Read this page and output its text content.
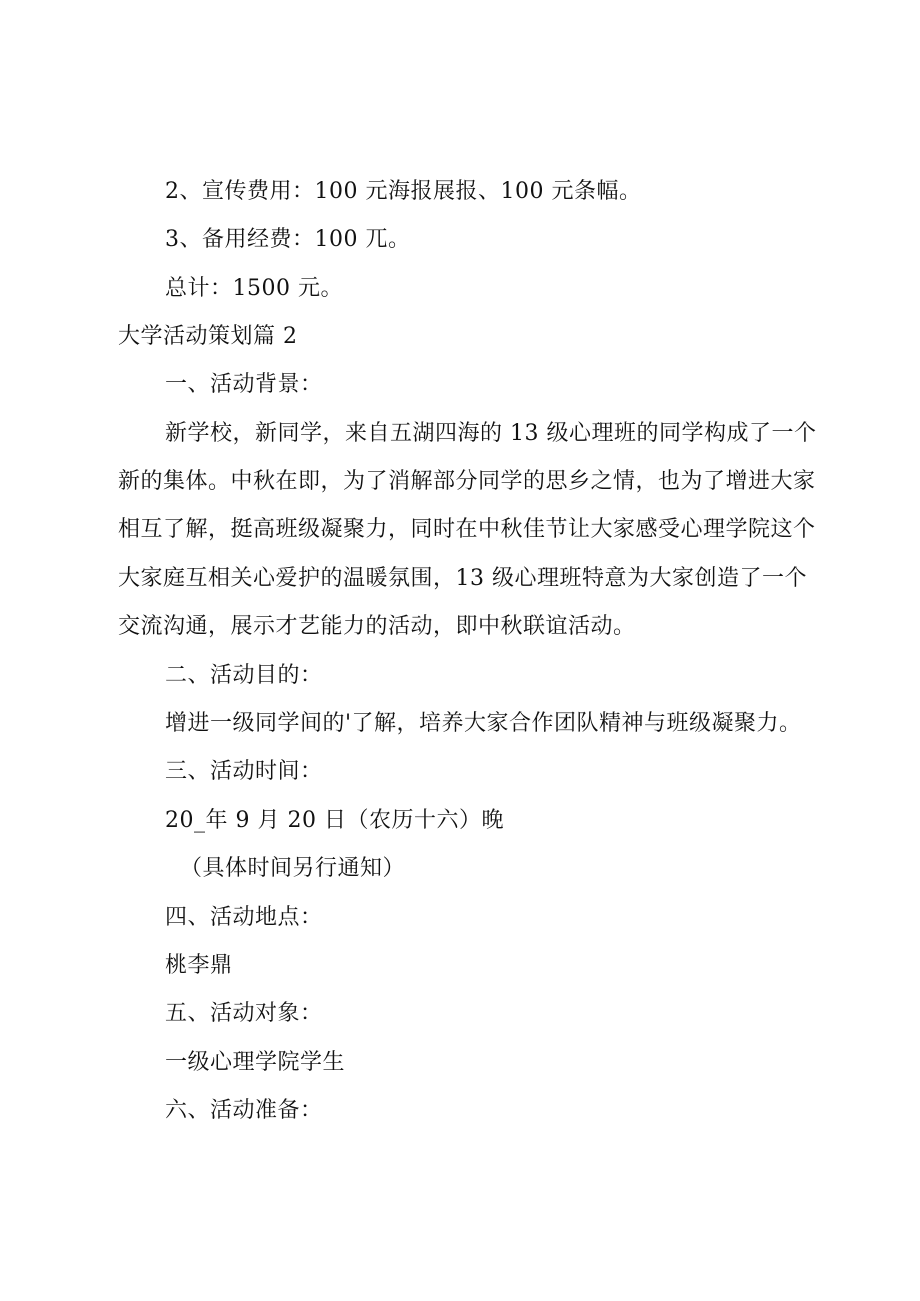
2、宣传费用：100 元海报展报、100 元条幅。
3、备用经费：100 兀。
总计：1500 元。
大学活动策划篇 2
一、活动背景：
新学校，新同学，来自五湖四海的 13 级心理班的同学构成了一个
新的集体。中秋在即，为了消解部分同学的思乡之情，也为了增进大家
相互了解，挺高班级凝聚力，同时在中秋佳节让大家感受心理学院这个
大家庭互相关心爱护的温暖氛围，13 级心理班特意为大家创造了一个
交流沟通，展示才艺能力的活动，即中秋联谊活动。
二、活动目的：
增进一级同学间的'了解，培养大家合作团队精神与班级凝聚力。
三、活动时间：
20_年 9 月 20 日（农历十六）晚
（具体时间另行通知）
四、活动地点：
桃李鼎
五、活动对象：
一级心理学院学生
六、活动准备：
